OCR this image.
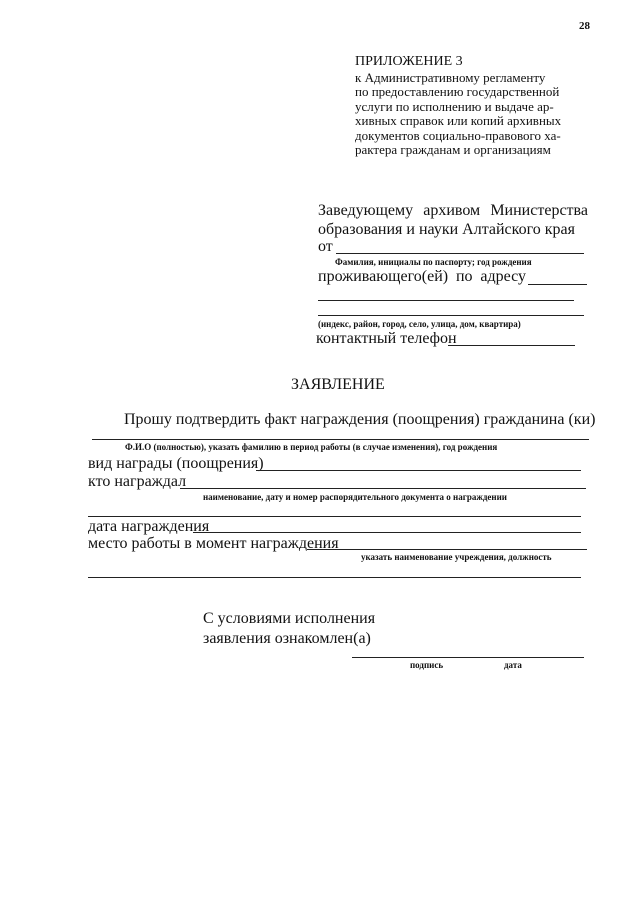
28
ПРИЛОЖЕНИЕ 3
к Административному регламенту
по предоставлению государственной
услуги по исполнению и выдаче ар-
хивных справок или копий архивных
документов социально-правового ха-
рактера гражданам и организациям
Заведующему архивом Министерства
образования и науки Алтайского края
от
Фамилия, инициалы по паспорту; год рождения
проживающего(ей) по адресу
(индекс, район, город, село, улица, дом, квартира)
контактный телефон
ЗАЯВЛЕНИЕ
Прошу подтвердить факт награждения (поощрения) гражданина (ки)
Ф.И.О (полностью), указать фамилию в период работы (в случае изменения), год рождения
вид награды (поощрения)
кто награждал
наименование, дату и номер распорядительного документа о награждении
дата награждения
место работы в момент награждения
указать наименование учреждения, должность
С условиями исполнения
заявления ознакомлен(а)
подпись	дата
